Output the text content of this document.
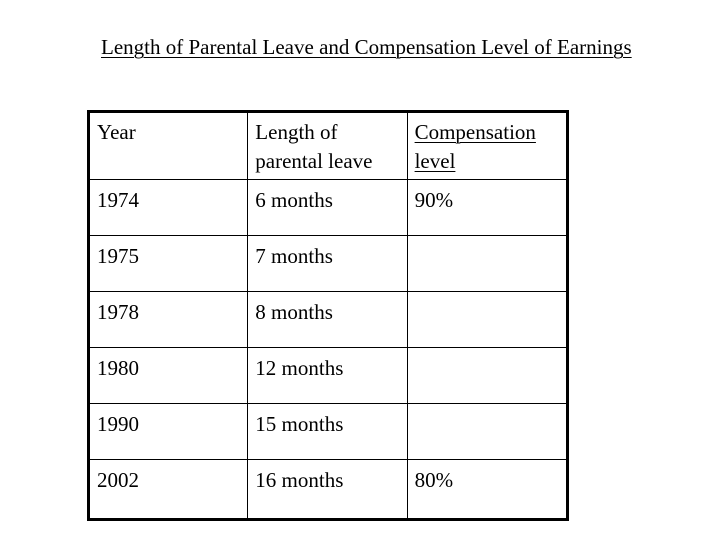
Length of Parental Leave and Compensation Level of Earnings
Year	Length of parental leave	Compensation level
1974	6 months	90%
1975	7 months	
1978	8 months	
1980	12 months	
1990	15 months	
2002	16 months	80%
